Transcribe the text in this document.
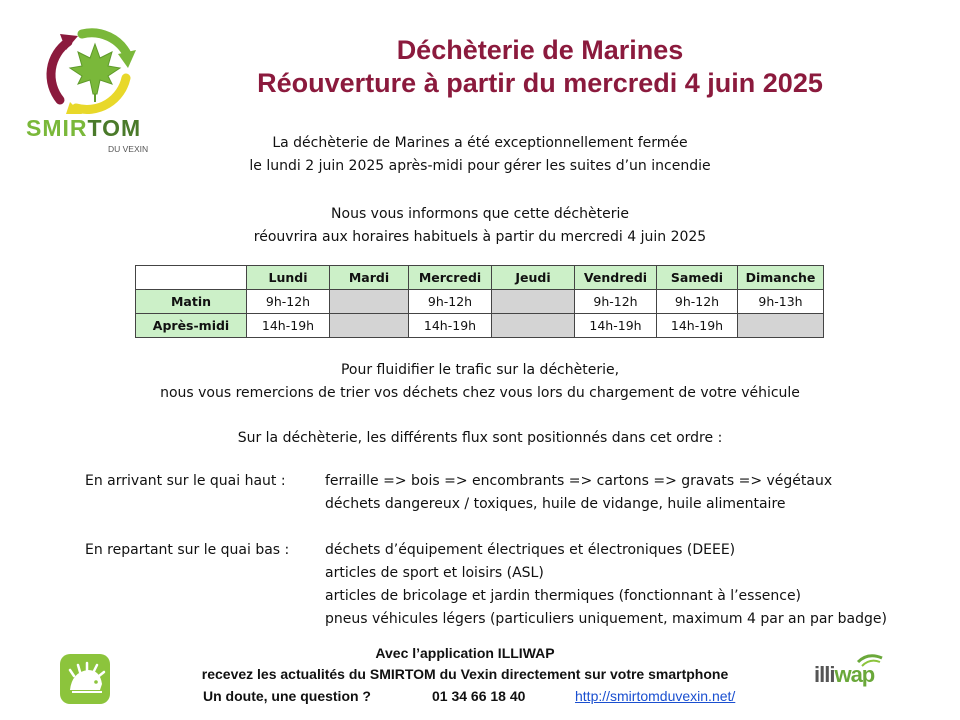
SMIRTOM
DU VEXIN
Déchèterie de Marines
Réouverture à partir du mercredi 4 juin 2025
La déchèterie de Marines a été exceptionnellement fermée
le lundi 2 juin 2025 après-midi pour gérer les suites d’un incendie
Nous vous informons que cette déchèterie
réouvrira aux horaires habituels à partir du mercredi 4 juin 2025
	Lundi	Mardi	Mercredi	Jeudi	Vendredi	Samedi	Dimanche
Matin	9h-12h		9h-12h		9h-12h	9h-12h	9h-13h
Après-midi	14h-19h		14h-19h		14h-19h	14h-19h	
Pour fluidifier le trafic sur la déchèterie,
nous vous remercions de trier vos déchets chez vous lors du chargement de votre véhicule
Sur la déchèterie, les différents flux sont positionnés dans cet ordre :
En arrivant sur le quai haut :	ferraille => bois => encombrants => cartons => gravats => végétaux
déchets dangereux / toxiques, huile de vidange, huile alimentaire
En repartant sur le quai bas :	déchets d’équipement électriques et électroniques (DEEE)
articles de sport et loisirs (ASL)
articles de bricolage et jardin thermiques (fonctionnant à l’essence)
pneus véhicules légers (particuliers uniquement, maximum 4 par an par badge)
Avec l’application ILLIWAP
recevez les actualités du SMIRTOM du Vexin directement sur votre smartphone
Un doute, une question ?	01 34 66 18 40	http://smirtomduvexin.net/
illiwap
